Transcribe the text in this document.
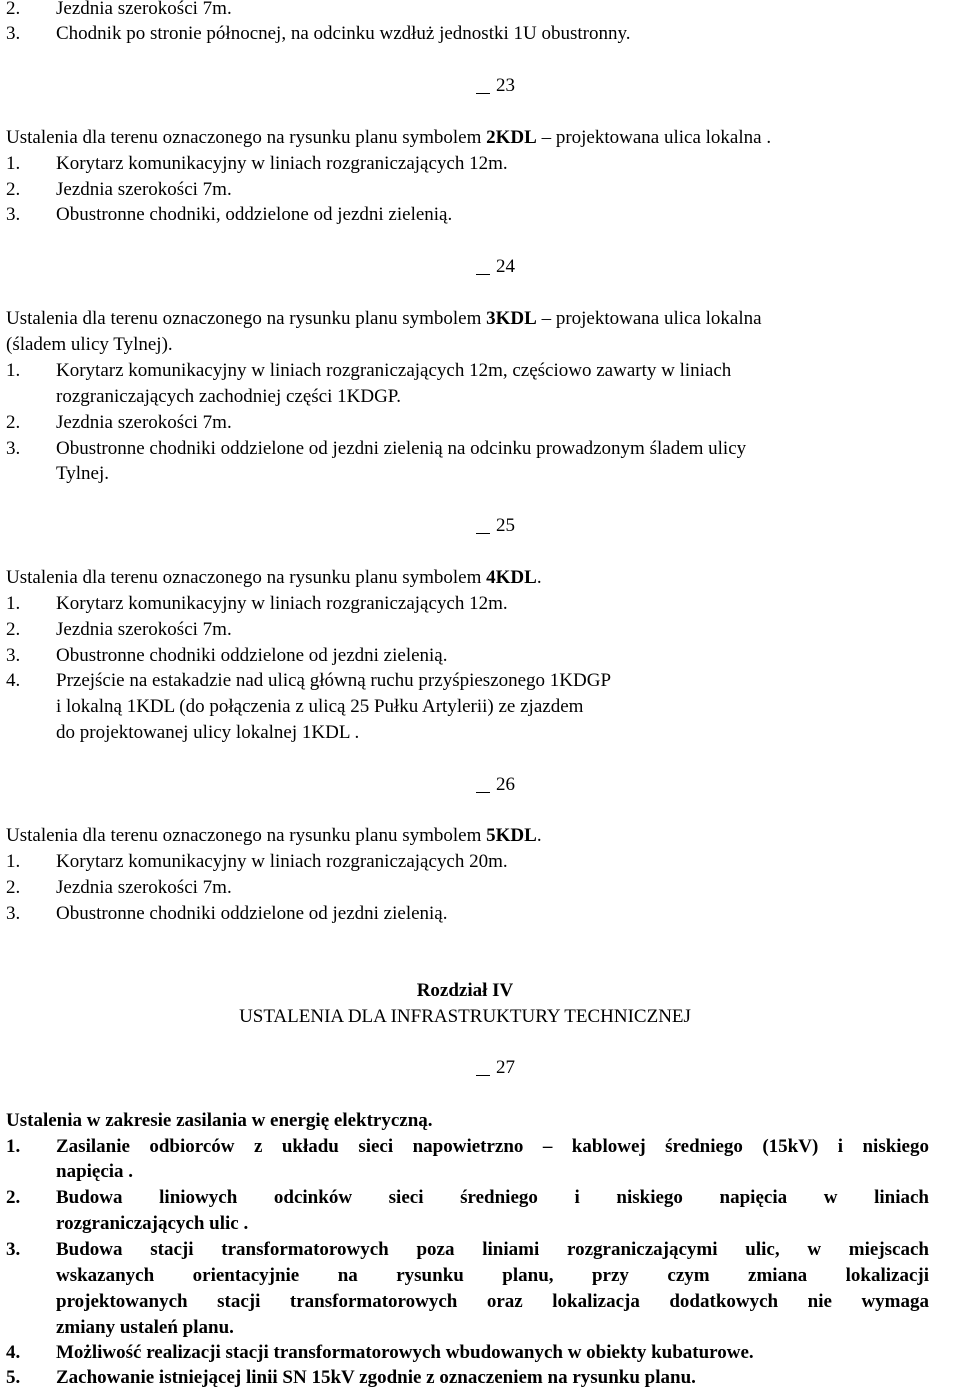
2. Jezdnia szerokości 7m.
3. Chodnik po stronie północnej, na odcinku wzdłuż jednostki 1U obustronny.
23
Ustalenia dla terenu oznaczonego na rysunku planu symbolem 2KDL – projektowana ulica lokalna .
1. Korytarz komunikacyjny w liniach rozgraniczających 12m.
2. Jezdnia szerokości 7m.
3. Obustronne chodniki, oddzielone od jezdni zielenią.
24
Ustalenia dla terenu oznaczonego na rysunku planu symbolem 3KDL – projektowana ulica lokalna
(śladem ulicy Tylnej).
1. Korytarz komunikacyjny w liniach rozgraniczających 12m, częściowo zawarty w liniach
rozgraniczających zachodniej części 1KDGP.
2. Jezdnia szerokości 7m.
3. Obustronne chodniki oddzielone od jezdni zielenią na odcinku prowadzonym śladem ulicy
Tylnej.
25
Ustalenia dla terenu oznaczonego na rysunku planu symbolem 4KDL.
1. Korytarz komunikacyjny w liniach rozgraniczających 12m.
2. Jezdnia szerokości 7m.
3. Obustronne chodniki oddzielone od jezdni zielenią.
4. Przejście na estakadzie nad ulicą główną ruchu przyśpieszonego 1KDGP
i lokalną 1KDL (do połączenia z ulicą 25 Pułku Artylerii) ze zjazdem
do projektowanej ulicy lokalnej 1KDL .
26
Ustalenia dla terenu oznaczonego na rysunku planu symbolem 5KDL.
1. Korytarz komunikacyjny w liniach rozgraniczających 20m.
2. Jezdnia szerokości 7m.
3. Obustronne chodniki oddzielone od jezdni zielenią.
Rozdział IV
USTALENIA DLA INFRASTRUKTURY TECHNICZNEJ
27
Ustalenia w zakresie zasilania w energię elektryczną.
1. Zasilanie odbiorców z układu sieci napowietrzno – kablowej średniego (15kV) i niskiego
napięcia .
2. Budowa liniowych odcinków sieci średniego i niskiego napięcia w liniach
rozgraniczających ulic .
3. Budowa stacji transformatorowych poza liniami rozgraniczającymi ulic, w miejscach
wskazanych orientacyjnie na rysunku planu, przy czym zmiana lokalizacji
projektowanych stacji transformatorowych oraz lokalizacja dodatkowych nie wymaga
zmiany ustaleń planu.
4. Możliwość realizacji stacji transformatorowych wbudowanych w obiekty kubaturowe.
5. Zachowanie istniejącej linii SN 15kV zgodnie z oznaczeniem na rysunku planu.
